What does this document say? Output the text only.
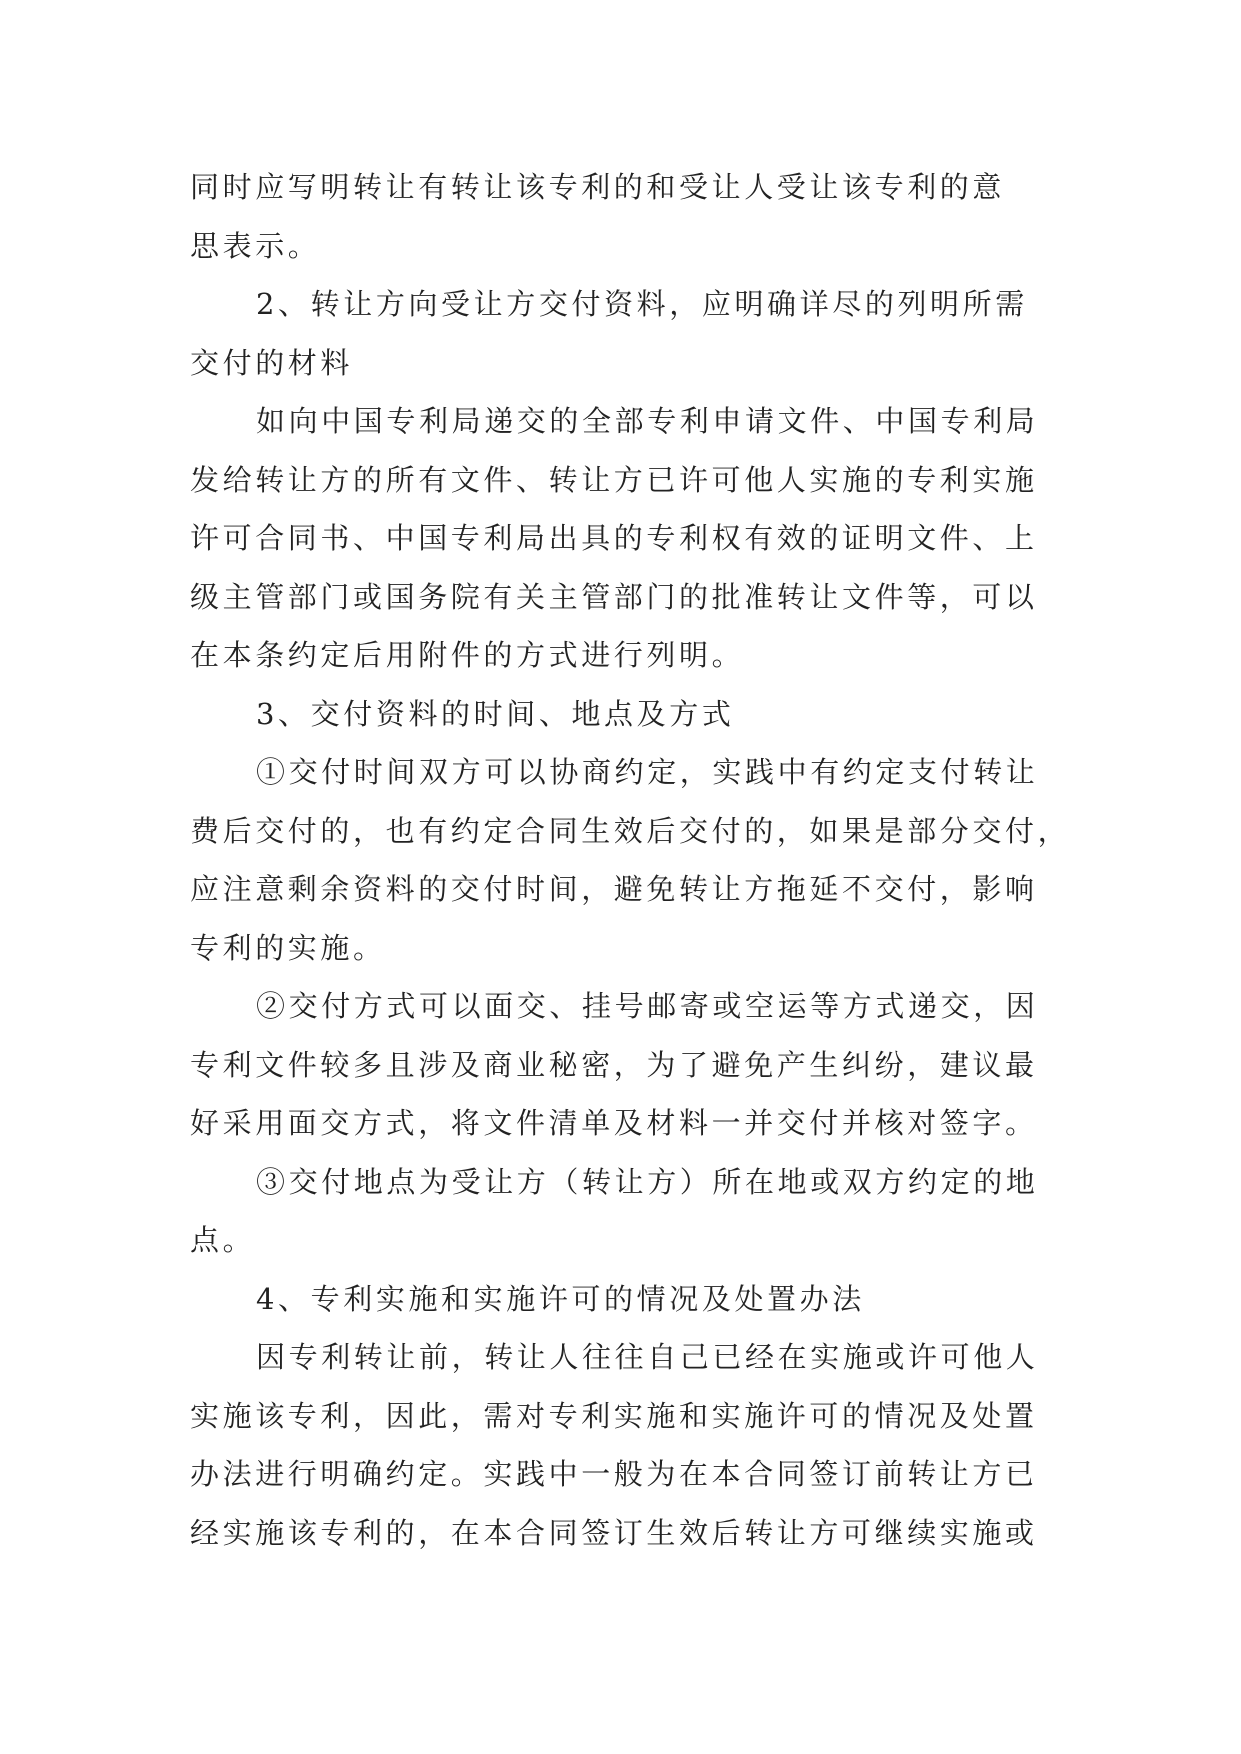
同时应写明转让有转让该专利的和受让人受让该专利的意
思表示。
2、转让方向受让方交付资料，应明确详尽的列明所需
交付的材料
如向中国专利局递交的全部专利申请文件、中国专利局
发给转让方的所有文件、转让方已许可他人实施的专利实施
许可合同书、中国专利局出具的专利权有效的证明文件、上
级主管部门或国务院有关主管部门的批准转让文件等，可以
在本条约定后用附件的方式进行列明。
3、交付资料的时间、地点及方式
①交付时间双方可以协商约定，实践中有约定支付转让
费后交付的，也有约定合同生效后交付的，如果是部分交付，
应注意剩余资料的交付时间，避免转让方拖延不交付，影响
专利的实施。
②交付方式可以面交、挂号邮寄或空运等方式递交，因
专利文件较多且涉及商业秘密，为了避免产生纠纷，建议最
好采用面交方式，将文件清单及材料一并交付并核对签字。
③交付地点为受让方（转让方）所在地或双方约定的地
点。
4、专利实施和实施许可的情况及处置办法
因专利转让前，转让人往往自己已经在实施或许可他人
实施该专利，因此，需对专利实施和实施许可的情况及处置
办法进行明确约定。实践中一般为在本合同签订前转让方已
经实施该专利的，在本合同签订生效后转让方可继续实施或
